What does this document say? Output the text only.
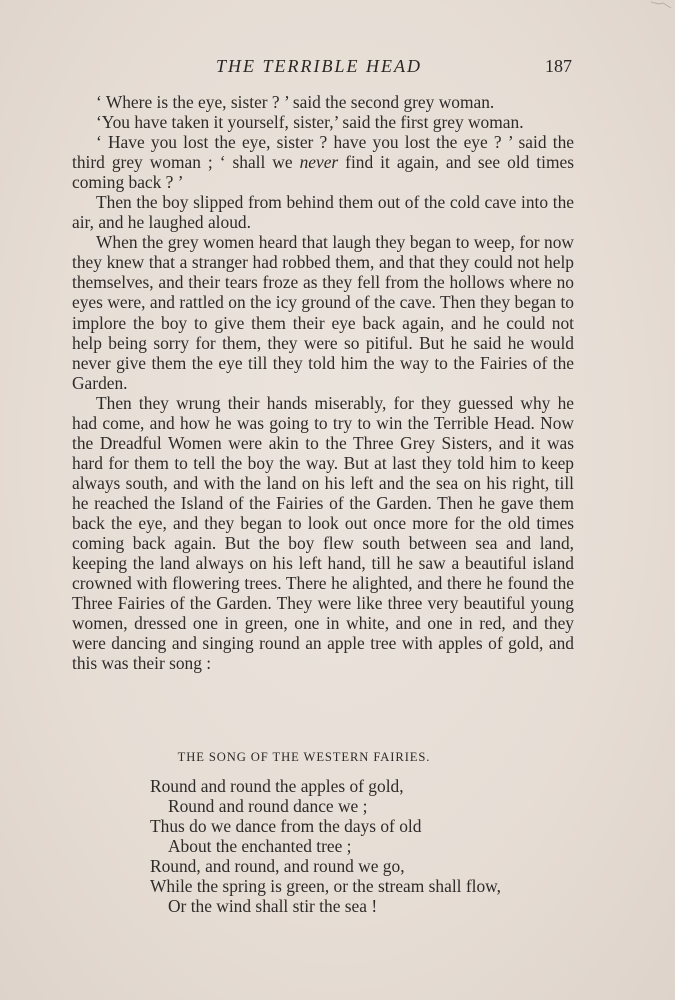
THE TERRIBLE HEAD	187

‘ Where is the eye, sister ? ’ said the second grey woman.

‘You have taken it yourself, sister,’ said the first grey woman.

‘ Have you lost the eye, sister ? have you lost the eye ? ’ said the third grey woman ; ‘ shall we never find it again, and see old times coming back ? ’

Then the boy slipped from behind them out of the cold cave into the air, and he laughed aloud.

When the grey women heard that laugh they began to weep, for now they knew that a stranger had robbed them, and that they could not help themselves, and their tears froze as they fell from the hollows where no eyes were, and rattled on the icy ground of the cave. Then they began to implore the boy to give them their eye back again, and he could not help being sorry for them, they were so pitiful. But he said he would never give them the eye till they told him the way to the Fairies of the Garden.

Then they wrung their hands miserably, for they guessed why he had come, and how he was going to try to win the Terrible Head. Now the Dreadful Women were akin to the Three Grey Sisters, and it was hard for them to tell the boy the way. But at last they told him to keep always south, and with the land on his left and the sea on his right, till he reached the Island of the Fairies of the Garden. Then he gave them back the eye, and they began to look out once more for the old times coming back again. But the boy flew south between sea and land, keeping the land always on his left hand, till he saw a beautiful island crowned with flowering trees. There he alighted, and there he found the Three Fairies of the Garden. They were like three very beautiful young women, dressed one in green, one in white, and one in red, and they were dancing and singing round an apple tree with apples of gold, and this was their song :

THE SONG OF THE WESTERN FAIRIES.
Round and round the apples of gold,
Round and round dance we ;
Thus do we dance from the days of old
About the enchanted tree ;
Round, and round, and round we go,
While the spring is green, or the stream shall flow,
Or the wind shall stir the sea !
